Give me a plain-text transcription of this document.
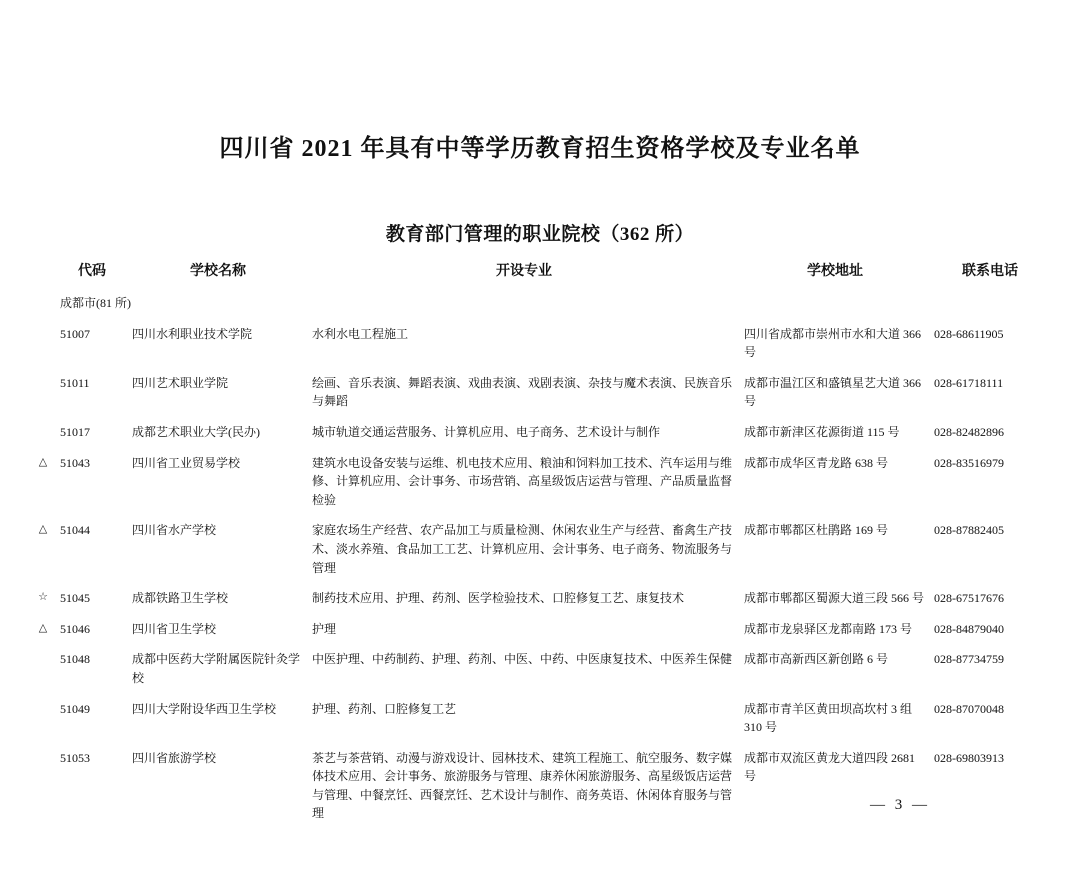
四川省 2021 年具有中等学历教育招生资格学校及专业名单
教育部门管理的职业院校（362 所）
	代码	学校名称	开设专业	学校地址	联系电话
	成都市(81 所)				
	51007	四川水利职业技术学院	水利水电工程施工	四川省成都市崇州市水和大道 366 号	028-68611905
	51011	四川艺术职业学院	绘画、音乐表演、舞蹈表演、戏曲表演、戏剧表演、杂技与魔术表演、民族音乐与舞蹈	成都市温江区和盛镇星艺大道 366 号	028-61718111
	51017	成都艺术职业大学(民办)	城市轨道交通运营服务、计算机应用、电子商务、艺术设计与制作	成都市新津区花源街道 115 号	028-82482896
△	51043	四川省工业贸易学校	建筑水电设备安装与运维、机电技术应用、粮油和饲料加工技术、汽车运用与维修、计算机应用、会计事务、市场营销、高星级饭店运营与管理、产品质量监督检验	成都市成华区青龙路 638 号	028-83516979
△	51044	四川省水产学校	家庭农场生产经营、农产品加工与质量检测、休闲农业生产与经营、畜禽生产技术、淡水养殖、食品加工工艺、计算机应用、会计事务、电子商务、物流服务与管理	成都市郫都区杜鹃路 169 号	028-87882405
☆	51045	成都铁路卫生学校	制药技术应用、护理、药剂、医学检验技术、口腔修复工艺、康复技术	成都市郫都区蜀源大道三段 566 号	028-67517676
△	51046	四川省卫生学校	护理	成都市龙泉驿区龙都南路 173 号	028-84879040
	51048	成都中医药大学附属医院针灸学校	中医护理、中药制药、护理、药剂、中医、中药、中医康复技术、中医养生保健	成都市高新西区新创路 6 号	028-87734759
	51049	四川大学附设华西卫生学校	护理、药剂、口腔修复工艺	成都市青羊区黄田坝高坎村 3 组 310 号	028-87070048
	51053	四川省旅游学校	茶艺与茶营销、动漫与游戏设计、园林技术、建筑工程施工、航空服务、数字媒体技术应用、会计事务、旅游服务与管理、康养休闲旅游服务、高星级饭店运营与管理、中餐烹饪、西餐烹饪、艺术设计与制作、商务英语、休闲体育服务与管理	成都市双流区黄龙大道四段 2681 号	028-69803913
— 3 —
